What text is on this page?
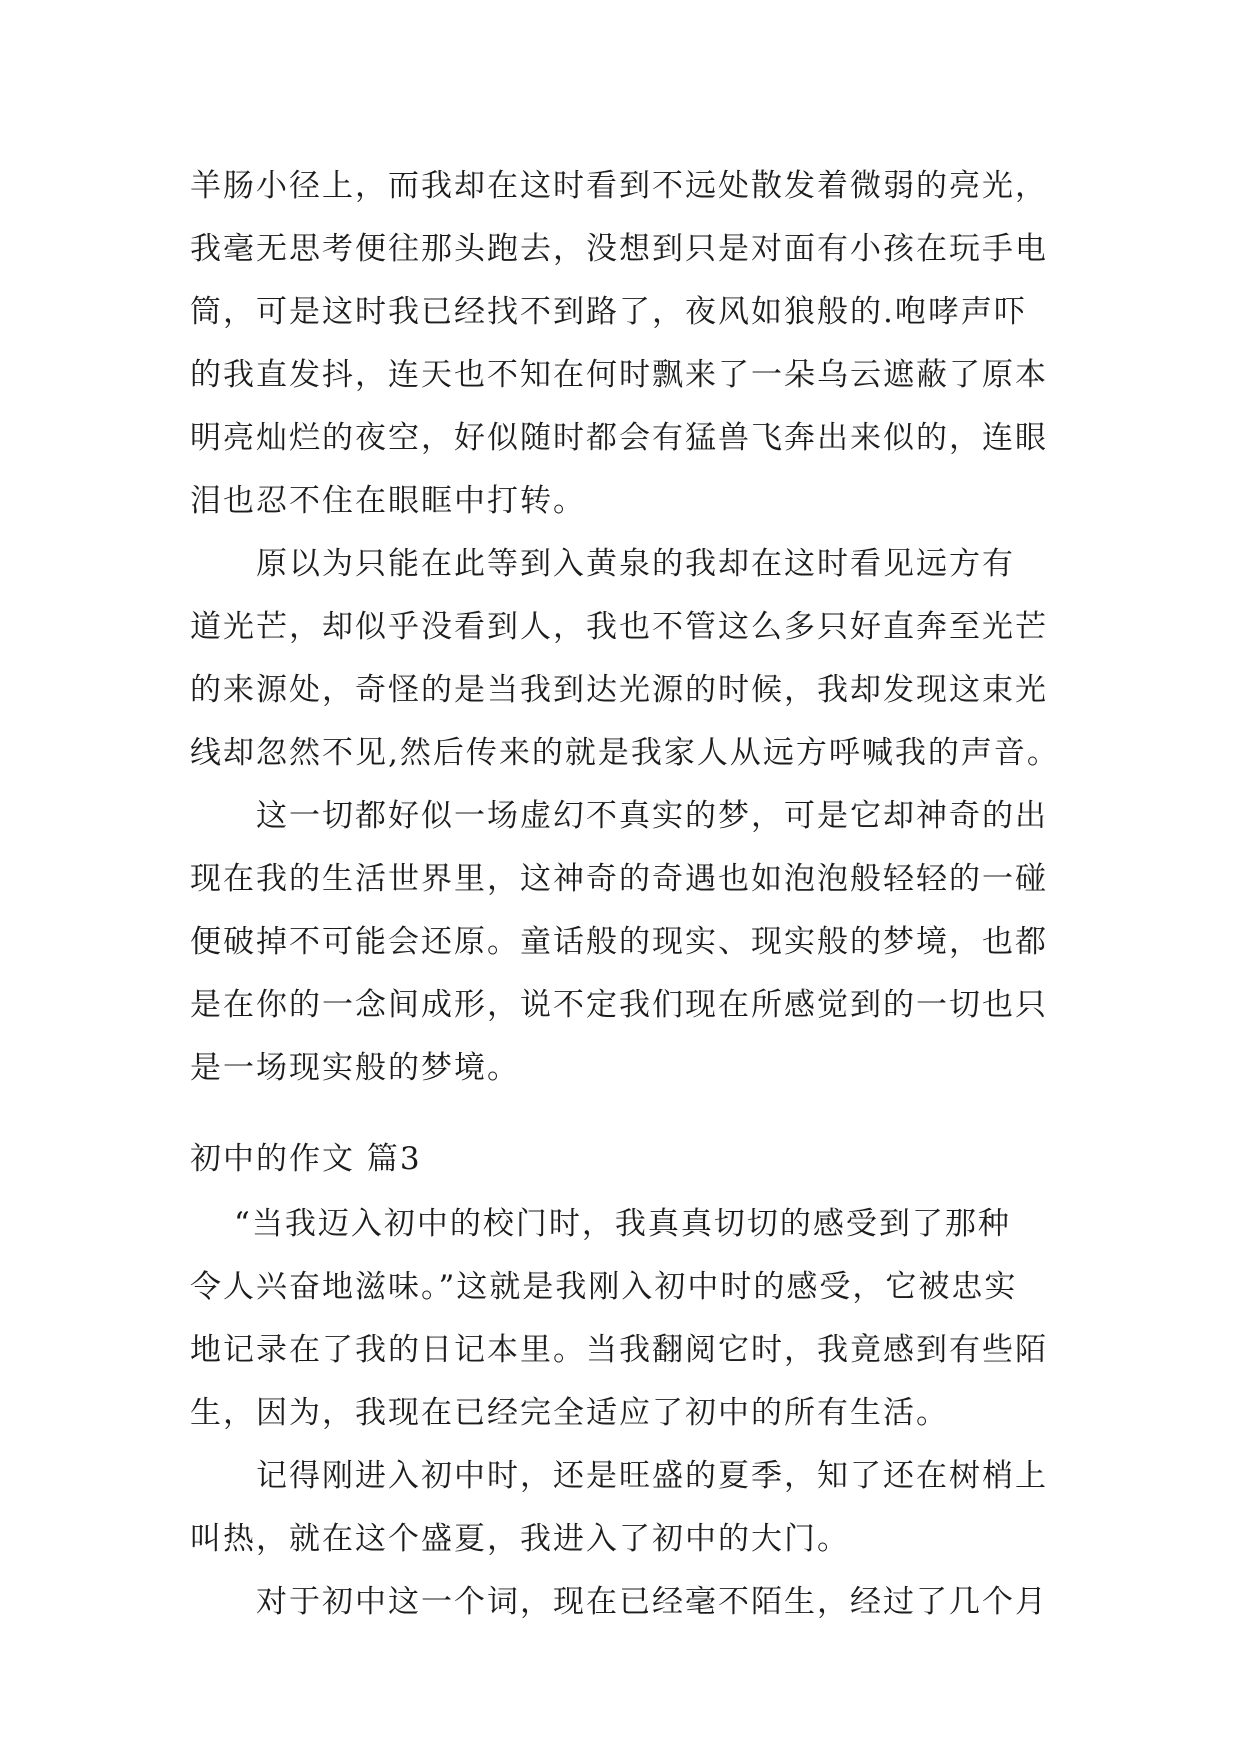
羊肠小径上，而我却在这时看到不远处散发着微弱的亮光，
我毫无思考便往那头跑去，没想到只是对面有小孩在玩手电
筒，可是这时我已经找不到路了，夜风如狼般的.咆哮声吓
的我直发抖，连天也不知在何时飘来了一朵乌云遮蔽了原本
明亮灿烂的夜空，好似随时都会有猛兽飞奔出来似的，连眼
泪也忍不住在眼眶中打转。
原以为只能在此等到入黄泉的我却在这时看见远方有
道光芒，却似乎没看到人，我也不管这么多只好直奔至光芒
的来源处，奇怪的是当我到达光源的时候，我却发现这束光
线却忽然不见,然后传来的就是我家人从远方呼喊我的声音。
这一切都好似一场虚幻不真实的梦，可是它却神奇的出
现在我的生活世界里，这神奇的奇遇也如泡泡般轻轻的一碰
便破掉不可能会还原。童话般的现实、现实般的梦境，也都
是在你的一念间成形，说不定我们现在所感觉到的一切也只
是一场现实般的梦境。
初中的作文 篇3
“当我迈入初中的校门时，我真真切切的感受到了那种
令人兴奋地滋味。”这就是我刚入初中时的感受，它被忠实
地记录在了我的日记本里。当我翻阅它时，我竟感到有些陌
生，因为，我现在已经完全适应了初中的所有生活。
记得刚进入初中时，还是旺盛的夏季，知了还在树梢上
叫热，就在这个盛夏，我进入了初中的大门。
对于初中这一个词，现在已经毫不陌生，经过了几个月
